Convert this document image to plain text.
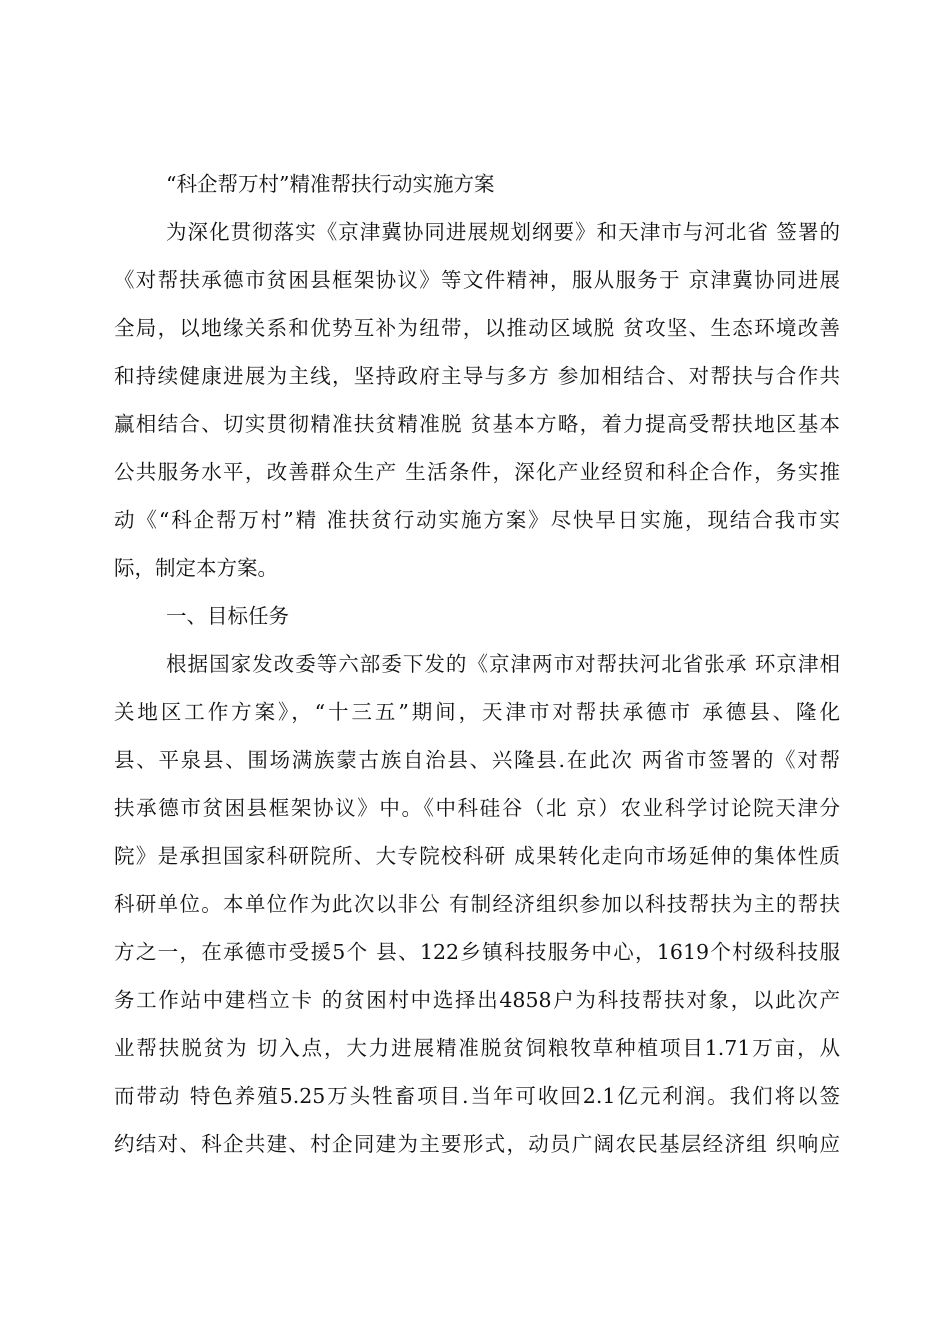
“科企帮万村”精准帮扶行动实施方案

为深化贯彻落实《京津冀协同进展规划纲要》和天津市与河北省 签署的

《对帮扶承德市贫困县框架协议》等文件精神，服从服务于 京津冀协同进展

全局，以地缘关系和优势互补为纽带，以推动区域脱 贫攻坚、生态环境改善

和持续健康进展为主线，坚持政府主导与多方 参加相结合、对帮扶与合作共

赢相结合、切实贯彻精准扶贫精准脱 贫基本方略，着力提高受帮扶地区基本

公共服务水平，改善群众生产 生活条件，深化产业经贸和科企合作，务实推

动《“科企帮万村”精 准扶贫行动实施方案》尽快早日实施，现结合我市实

际，制定本方案。

一、目标任务

根据国家发改委等六部委下发的《京津两市对帮扶河北省张承 环京津相

关地区工作方案》，“十三五”期间，天津市对帮扶承德市 承德县、隆化

县、平泉县、围场满族蒙古族自治县、兴隆县.在此次 两省市签署的《对帮

扶承德市贫困县框架协议》中。《中科硅谷（北 京）农业科学讨论院天津分

院》是承担国家科研院所、大专院校科研 成果转化走向市场延伸的集体性质

科研单位。本单位作为此次以非公 有制经济组织参加以科技帮扶为主的帮扶

方之一，在承德市受援5个 县、122乡镇科技服务中心，1619个村级科技服

务工作站中建档立卡 的贫困村中选择出4858户为科技帮扶对象，以此次产

业帮扶脱贫为 切入点，大力进展精准脱贫饲粮牧草种植项目1.71万亩，从

而带动 特色养殖5.25万头牲畜项目.当年可收回2.1亿元利润。我们将以签

约结对、科企共建、村企同建为主要形式，动员广阔农民基层经济组 织响应
